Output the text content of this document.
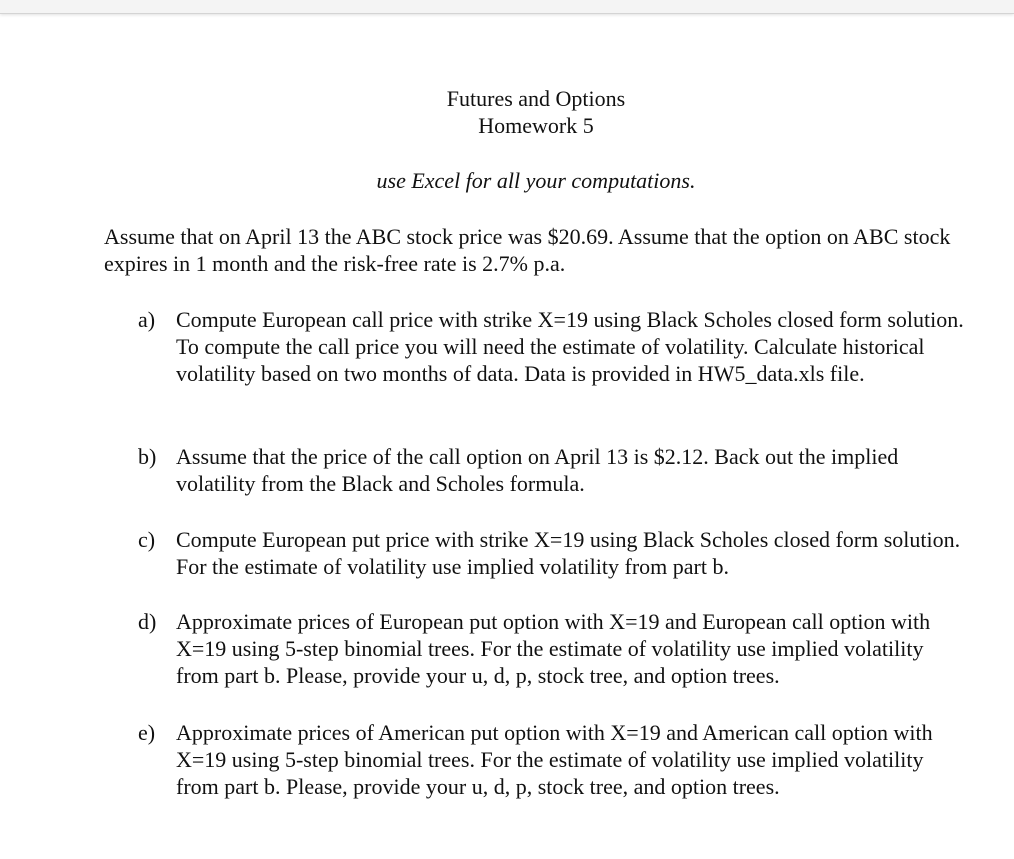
Futures and Options
Homework 5
use Excel for all your computations.
Assume that on April 13 the ABC stock price was $20.69. Assume that the option on ABC stock expires in 1 month and the risk-free rate is 2.7% p.a.
a) Compute European call price with strike X=19 using Black Scholes closed form solution. To compute the call price you will need the estimate of volatility. Calculate historical volatility based on two months of data. Data is provided in HW5_data.xls file.
b) Assume that the price of the call option on April 13 is $2.12. Back out the implied volatility from the Black and Scholes formula.
c) Compute European put price with strike X=19 using Black Scholes closed form solution. For the estimate of volatility use implied volatility from part b.
d) Approximate prices of European put option with X=19 and European call option with X=19 using 5-step binomial trees. For the estimate of volatility use implied volatility from part b. Please, provide your u, d, p, stock tree, and option trees.
e) Approximate prices of American put option with X=19 and American call option with X=19 using 5-step binomial trees. For the estimate of volatility use implied volatility from part b. Please, provide your u, d, p, stock tree, and option trees.
